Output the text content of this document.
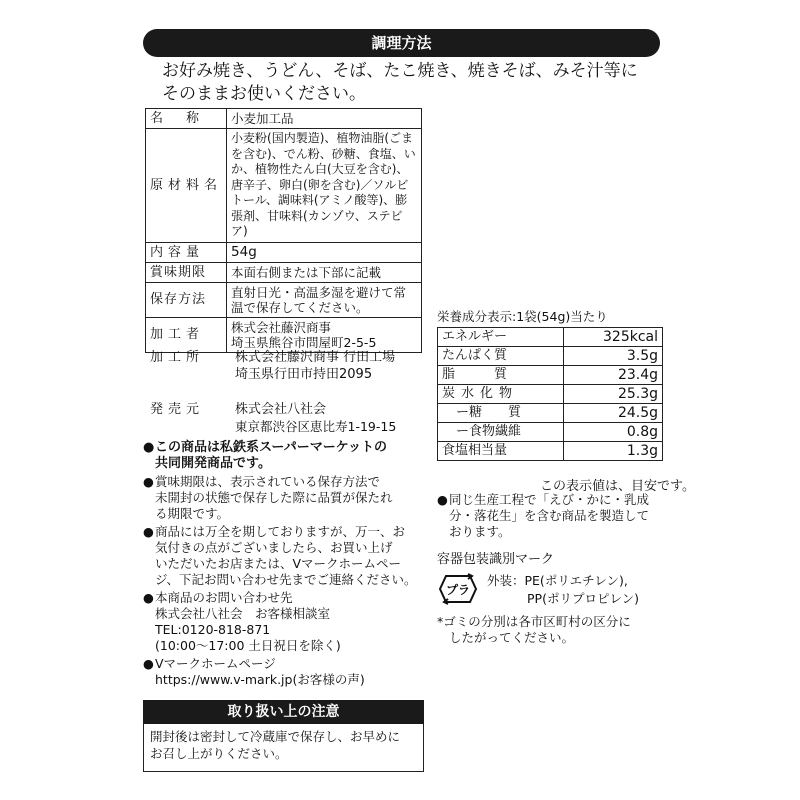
調理方法
お好み焼き、うどん、そば、たこ焼き、焼きそば、みそ汁等に
そのままお使いください。
名　称	小麦加工品
原材料名	小麦粉(国内製造)、植物油脂(ごまを含む)、でん粉、砂糖、食塩、いか、植物性たん白(大豆を含む)、唐辛子、卵白(卵を含む)／ソルビトール、調味料(アミノ酸等)、膨張剤、甘味料(カンゾウ、ステビア)
内容量	54g
賞味期限	本面右側または下部に記載
保存方法	直射日光・高温多湿を避けて常温で保存してください。
加工者	株式会社藤沢商事
埼玉県熊谷市問屋町2-5-5
加工所 株式会社藤沢商事 行田工場
埼玉県行田市持田2095
発売元 株式会社八社会
東京都渋谷区恵比寿1-19-15
●この商品は私鉄系スーパーマーケットの
共同開発商品です。
●賞味期限は、表示されている保存方法で
未開封の状態で保存した際に品質が保たれ
る期限です。
●商品には万全を期しておりますが、万一、お
気付きの点がございましたら、お買い上げ
いただいたお店または、Vマークホームペー
ジ、下記お問い合わせ先までご連絡ください。
●本商品のお問い合わせ先
株式会社八社会　お客様相談室
TEL:0120-818-871
(10:00〜17:00 土日祝日を除く)
●Vマークホームページ
https://www.v-mark.jp(お客様の声)
取り扱い上の注意
開封後は密封して冷蔵庫で保存し、お早めに
お召し上がりください。
栄養成分表示:1袋(54g)当たり
エネルギー	325kcal
たんぱく質	3.5g
脂　　　質	23.4g
炭水化物	25.3g
ー糖　　質	24.5g
ー食物繊維	0.8g
食塩相当量	1.3g
この表示値は、目安です。
●同じ生産工程で「えび・かに・乳成
分・落花生」を含む商品を製造して
おります。
容器包装識別マーク
プラ
外装：PE(ポリエチレン),
PP(ポリプロピレン)
*ゴミの分別は各市区町村の区分に
したがってください。
